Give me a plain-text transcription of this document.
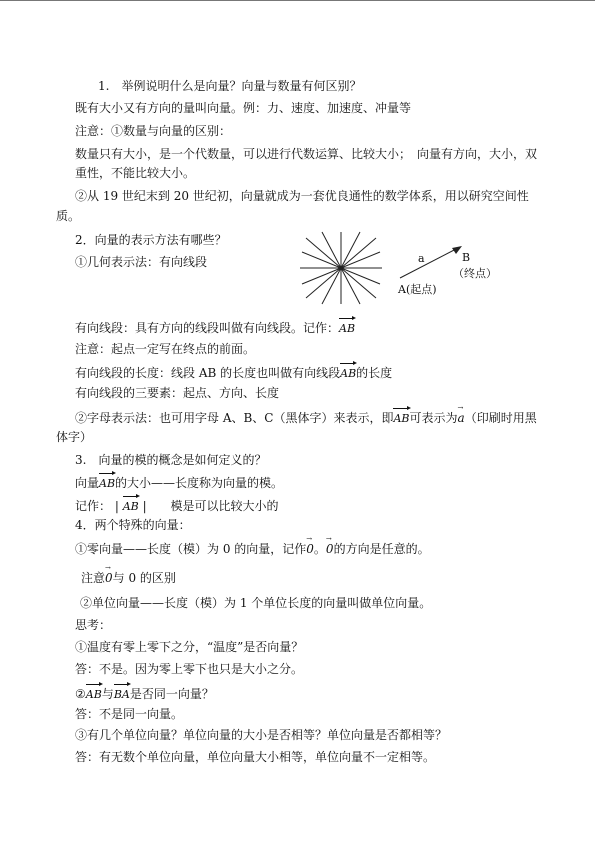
1.　举例说明什么是向量？向量与数量有何区别？
既有大小又有方向的量叫向量。例：力、速度、加速度、冲量等
注意：①数量与向量的区别：
数量只有大小，是一个代数量，可以进行代数运算、比较大小；　向量有方向，大小，双
重性，不能比较大小。
②从 19 世纪末到 20 世纪初，向量就成为一套优良通性的数学体系，用以研究空间性
质。
2．向量的表示方法有哪些？
①几何表示法：有向线段	a	B
（终点）
A(起点)
有向线段：具有方向的线段叫做有向线段。记作：AB
注意：起点一定写在终点的前面。
有向线段的长度：线段 AB 的长度也叫做有向线段AB的长度
有向线段的三要素：起点、方向、长度
②字母表示法：也可用字母 A、B、C（黑体字）来表示，即AB可表示为→ a（印刷时用黑
体字）
3.　向量的模的概念是如何定义的？
向量AB的大小——长度称为向量的模。
记作： | AB | 模是可以比较大小的
4．两个特殊的向量：
①零向量——长度（模）为 0 的向量，记作→ 0。→ 0的方向是任意的。
注意→ 0与 0 的区别
②单位向量——长度（模）为 1 个单位长度的向量叫做单位向量。
思考：
①温度有零上零下之分，“温度”是否向量？
答：不是。因为零上零下也只是大小之分。
②AB与BA是否同一向量？
答：不是同一向量。
③有几个单位向量？单位向量的大小是否相等？单位向量是否都相等？
答：有无数个单位向量，单位向量大小相等，单位向量不一定相等。
